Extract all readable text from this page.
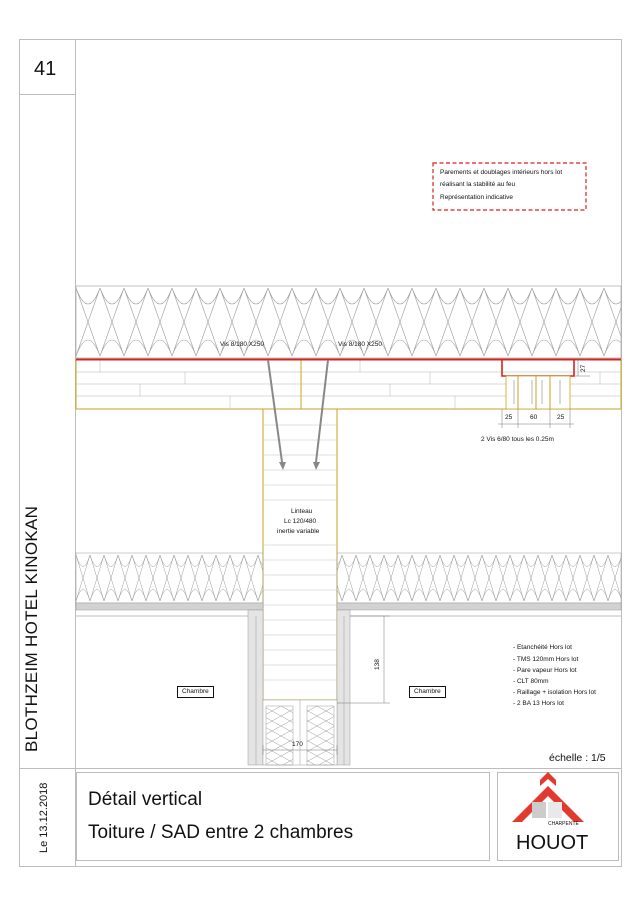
41
BLOTHZEIM HOTEL KINOKAN
Le 13.12.2018 Détail vertical
Toiture / SAD entre 2 chambres
échelle : 1/5
CHARPENTE
HOUOT
Parements et doublages intérieurs hors lot
réalisant la stabilité au feu
Représentation indicative
Vis 8/180 X250	Vis 8/180 X250
27
25	60	25
2 Vis 6/80 tous les 0.25m
Linteau
Lc 120/480
inertie variable
138
170
Chambre	Chambre
- Etanchéité Hors lot
- TMS 120mm Hors lot
- Pare vapeur Hors lot
- CLT 80mm
- Raillage + isolation Hors lot
- 2 BA 13 Hors lot
